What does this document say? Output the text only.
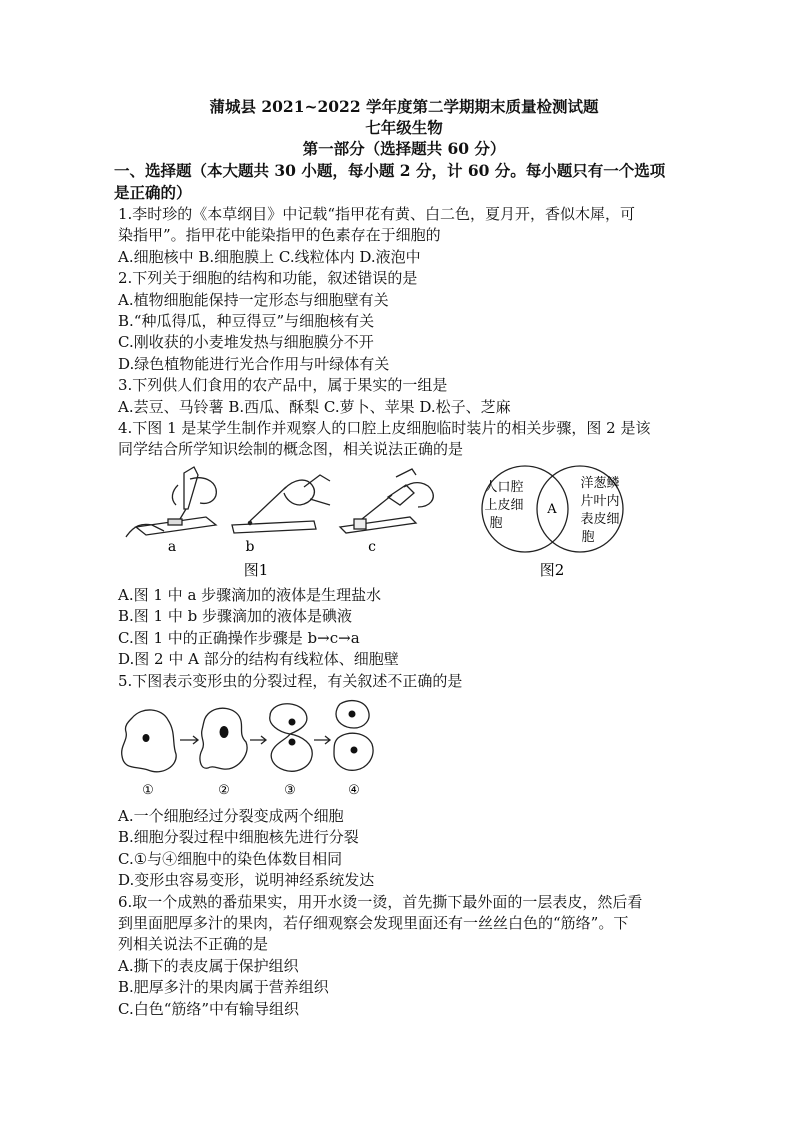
蒲城县 2021~2022 学年度第二学期期末质量检测试题
七年级生物
第一部分（选择题共 60 分）
一、选择题（本大题共 30 小题，每小题 2 分，计 60 分。每小题只有一个选项
是正确的）
1.李时珍的《本草纲目》中记载“指甲花有黄、白二色，夏月开，香似木犀，可
染指甲”。指甲花中能染指甲的色素存在于细胞的
A.细胞核中 B.细胞膜上 C.线粒体内 D.液泡中
2.下列关于细胞的结构和功能，叙述错误的是
A.植物细胞能保持一定形态与细胞壁有关
B.“种瓜得瓜，种豆得豆”与细胞核有关
C.刚收获的小麦堆发热与细胞膜分不开
D.绿色植物能进行光合作用与叶绿体有关
3.下列供人们食用的农产品中，属于果实的一组是
A.芸豆、马铃薯 B.西瓜、酥梨 C.萝卜、苹果 D.松子、芝麻
4.下图 1 是某学生制作并观察人的口腔上皮细胞临时装片的相关步骤，图 2 是该
同学结合所学知识绘制的概念图，相关说法正确的是
a	b	c
图1
人口腔
上皮细
胞
A
洋葱鳞
片叶内
表皮细
胞
图2
A.图 1 中 a 步骤滴加的液体是生理盐水
B.图 1 中 b 步骤滴加的液体是碘液
C.图 1 中的正确操作步骤是 b→c→a
D.图 2 中 A 部分的结构有线粒体、细胞壁
5.下图表示变形虫的分裂过程，有关叙述不正确的是
①	②	③	④
A.一个细胞经过分裂变成两个细胞
B.细胞分裂过程中细胞核先进行分裂
C.①与④细胞中的染色体数目相同
D.变形虫容易变形，说明神经系统发达
6.取一个成熟的番茄果实，用开水烫一烫，首先撕下最外面的一层表皮，然后看
到里面肥厚多汁的果肉，若仔细观察会发现里面还有一丝丝白色的“筋络”。下
列相关说法不正确的是
A.撕下的表皮属于保护组织
B.肥厚多汁的果肉属于营养组织
C.白色“筋络”中有输导组织
